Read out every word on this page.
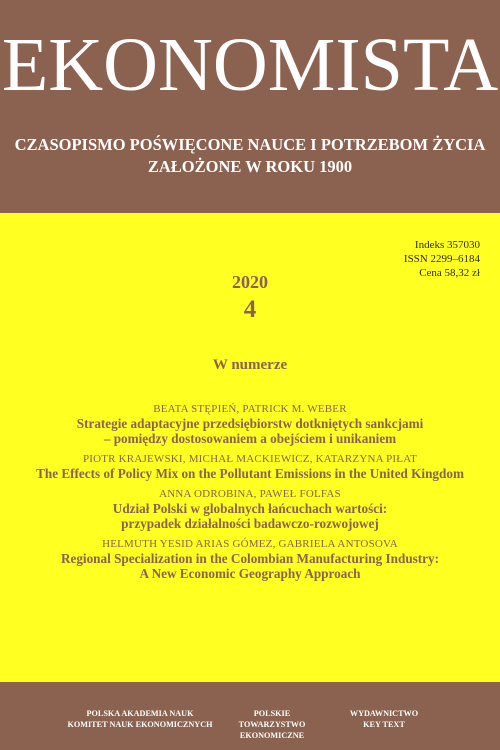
EKONOMISTA
CZASOPISMO POŚWIĘCONE NAUCE I POTRZEBOM ŻYCIA
ZAŁOŻONE W ROKU 1900
Indeks 357030
ISSN 2299–6184
Cena 58,32 zł
2020
4
W numerze
BEATA STĘPIEŃ, PATRICK M. WEBER
Strategie adaptacyjne przedsiębiorstw dotkniętych sankcjami
– pomiędzy dostosowaniem a obejściem i unikaniem
PIOTR KRAJEWSKI, MICHAŁ MACKIEWICZ, KATARZYNA PIŁAT
The Effects of Policy Mix on the Pollutant Emissions in the United Kingdom
ANNA ODROBINA, PAWEŁ FOLFAS
Udział Polski w globalnych łańcuchach wartości:
przypadek działalności badawczo-rozwojowej
HELMUTH YESID ARIAS GÓMEZ, GABRIELA ANTOSOVA
Regional Specialization in the Colombian Manufacturing Industry:
A New Economic Geography Approach
POLSKA AKADEMIA NAUK
KOMITET NAUK EKONOMICZNYCH
POLSKIE TOWARZYSTWO
EKONOMICZNE
WYDAWNICTWO
KEY TEXT
